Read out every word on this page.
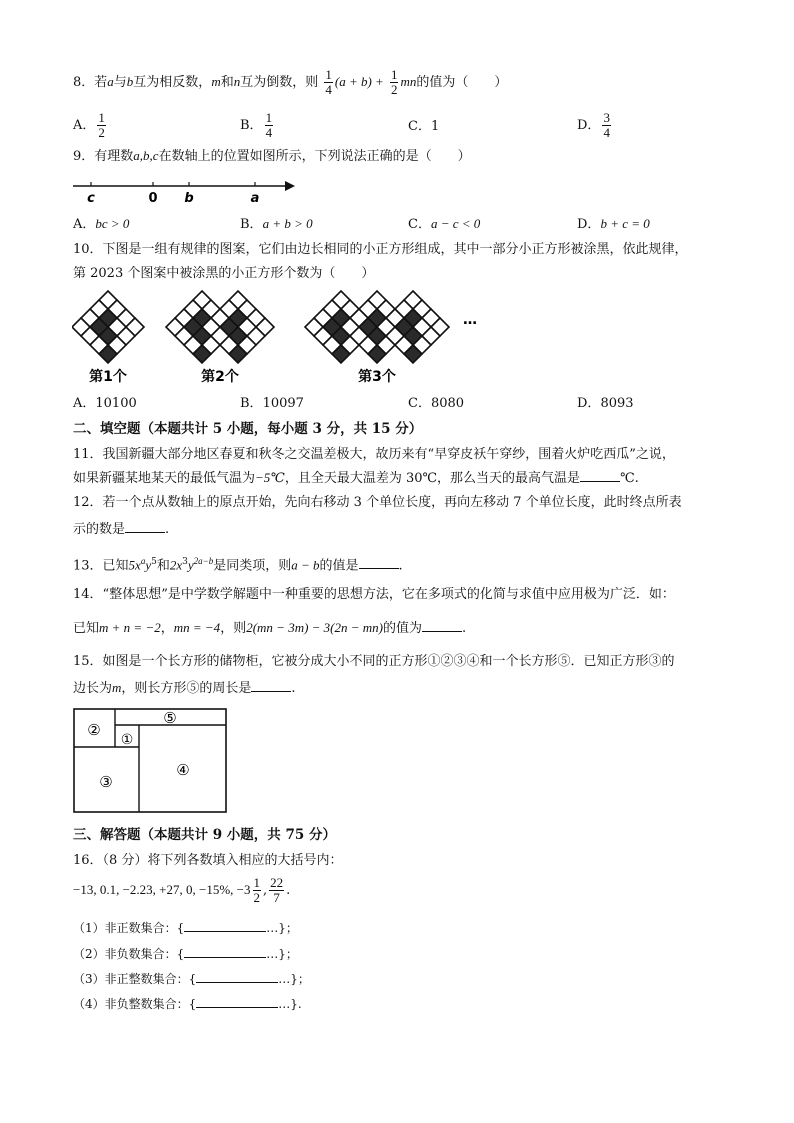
8．若a与b互为相反数，m和n互为倒数，则 $\frac{1}{4} (a + b) + \frac{1}{2}$ mn的值为（　　）
A． $\frac{1}{2}$	B． $\frac{1}{4}$	C．1	D． $\frac{3}{4}$
9．有理数a,b,c在数轴上的位置如图所示，下列说法正确的是（　　）
c	0 b	a
A．bc > 0	B．a + b > 0	C．a − c < 0	D．b + c = 0
10．下图是一组有规律的图案，它们由边长相同的小正方形组成，其中一部分小正方形被涂黑，依此规律，
第 2023 个图案中被涂黑的小正方形个数为（　　）
第1个	第2个	第3个
…
A．10100	B．10097	C．8080	D．8093
二、填空题（本题共计 5 小题，每小题 3 分，共 15 分）
11．我国新疆大部分地区春夏和秋冬之交温差极大，故历来有“早穿皮袄午穿纱，围着火炉吃西瓜”之说，
如果新疆某地某天的最低气温为−5℃，且全天最大温差为 30℃，那么当天的最高气温是	℃.
12．若一个点从数轴上的原点开始，先向右移动 3 个单位长度，再向左移动 7 个单位长度，此时终点所表
示的数是	.
13．已知$5x^ay^5$和$2x^3y^{2a-b}$是同类项，则a − b的值是	.
14．“整体思想”是中学数学解题中一种重要的思想方法，它在多项式的化简与求值中应用极为广泛．如：
已知m + n = −2，mn = −4，则2(mn − 3m) − 3(2n − mn)的值为	.
15．如图是一个长方形的储物柜，它被分成大小不同的正方形①②③④和一个长方形⑤．已知正方形③的
边长为m，则长方形⑤的周长是	.
②
⑤
①
③
④
三、解答题（本题共计 9 小题，共 75 分）
16．（8 分）将下列各数填入相应的大括号内：
−13, 0.1, −2.23, +27, 0, −15%, $-3 \frac{1}{2}$ , $\frac{22}{7}$ .
（1）非正数集合：{	…}；
（2）非负数集合：{	…}；
（3）非正整数集合：{	…}；
（4）非负整数集合：{	…}.
